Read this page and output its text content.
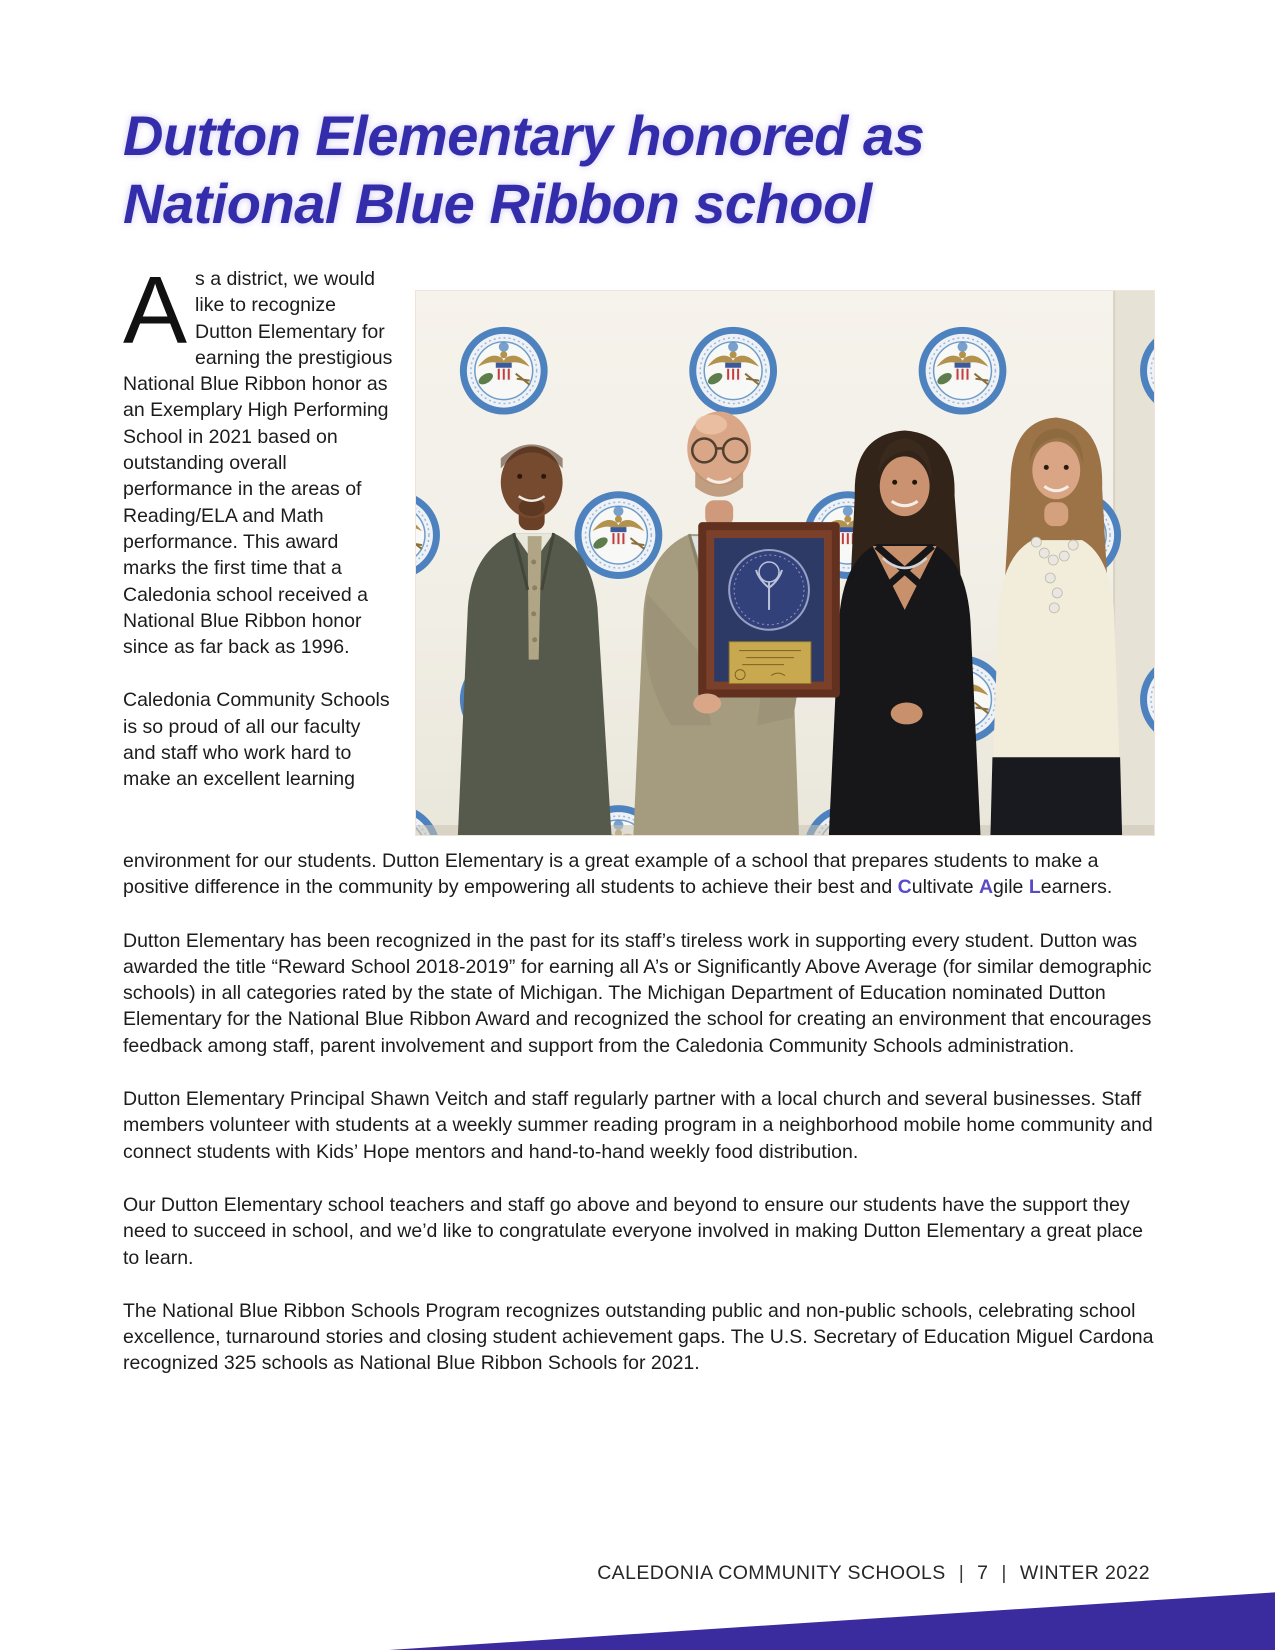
Dutton Elementary honored as
National Blue Ribbon school

As a district, we would like to recognize Dutton Elementary for earning the prestigious National Blue Ribbon honor as an Exemplary High Performing School in 2021 based on outstanding overall performance in the areas of Reading/ELA and Math performance. This award marks the first time that a Caledonia school received a National Blue Ribbon honor since as far back as 1996.

Caledonia Community Schools is so proud of all our faculty and staff who work hard to make an excellent learning

environment for our students. Dutton Elementary is a great example of a school that prepares students to make a positive difference in the community by empowering all students to achieve their best and Cultivate Agile Learners.

Dutton Elementary has been recognized in the past for its staff’s tireless work in supporting every student. Dutton was awarded the title “Reward School 2018-2019” for earning all A’s or Significantly Above Average (for similar demographic schools) in all categories rated by the state of Michigan. The Michigan Department of Education nominated Dutton Elementary for the National Blue Ribbon Award and recognized the school for creating an environment that encourages feedback among staff, parent involvement and support from the Caledonia Community Schools administration.

Dutton Elementary Principal Shawn Veitch and staff regularly partner with a local church and several businesses. Staff members volunteer with students at a weekly summer reading program in a neighborhood mobile home community and connect students with Kids’ Hope mentors and hand-to-hand weekly food distribution.

Our Dutton Elementary school teachers and staff go above and beyond to ensure our students have the support they need to succeed in school, and we’d like to congratulate everyone involved in making Dutton Elementary a great place to learn.

The National Blue Ribbon Schools Program recognizes outstanding public and non-public schools, celebrating school excellence, turnaround stories and closing student achievement gaps. The U.S. Secretary of Education Miguel Cardona recognized 325 schools as National Blue Ribbon Schools for 2021.

CALEDONIA COMMUNITY SCHOOLS | 7 | WINTER 2022
